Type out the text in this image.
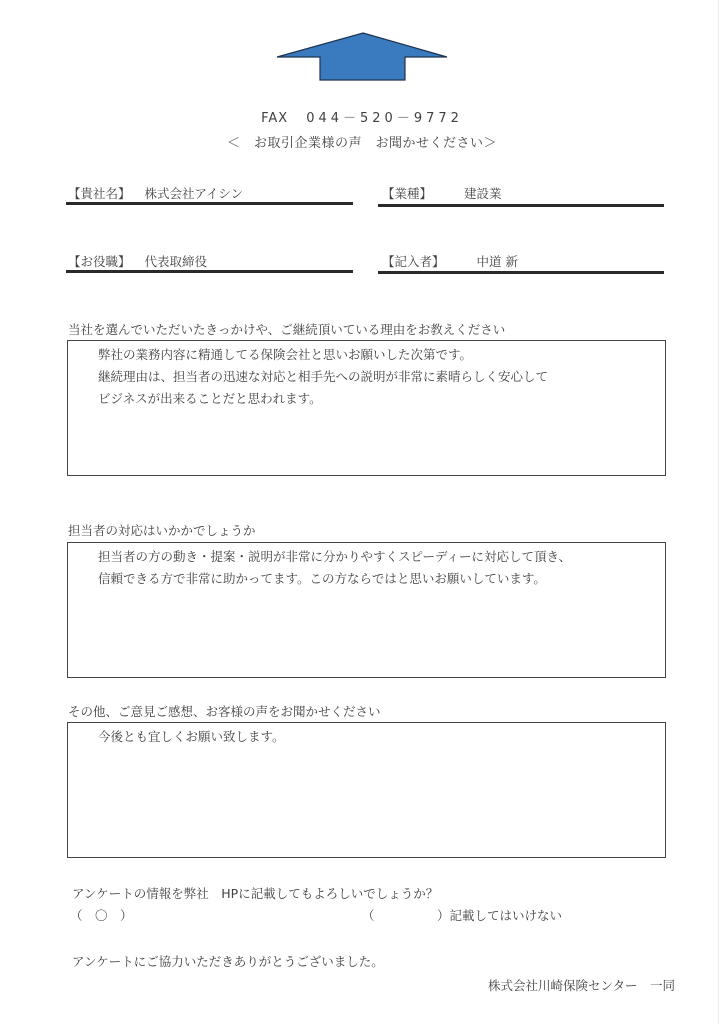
FAX 044－520－9772
＜　お取引企業様の声　お聞かせください＞
【貴社名】 株式会社アイシン	【業種】	建設業
【お役職】 代表取締役	【記入者】	中道 新
当社を選んでいただいたきっかけや、ご継続頂いている理由をお教えください
弊社の業務内容に精通してる保険会社と思いお願いした次第です。
継続理由は、担当者の迅速な対応と相手先への説明が非常に素晴らしく安心して
ビジネスが出来ることだと思われます。
担当者の対応はいかかでしょうか
担当者の方の動き・提案・説明が非常に分かりやすくスピーディーに対応して頂き、
信頼できる方で非常に助かってます。この方ならではと思いお願いしています。
その他、ご意見ご感想、お客様の声をお聞かせください
今後とも宜しくお願い致します。
アンケートの情報を弊社　HPに記載してもよろしいでしょうか？
（　〇　）	（　　　　　）記載してはいけない
アンケートにご協力いただきありがとうございました。
株式会社川崎保険センター　一同
